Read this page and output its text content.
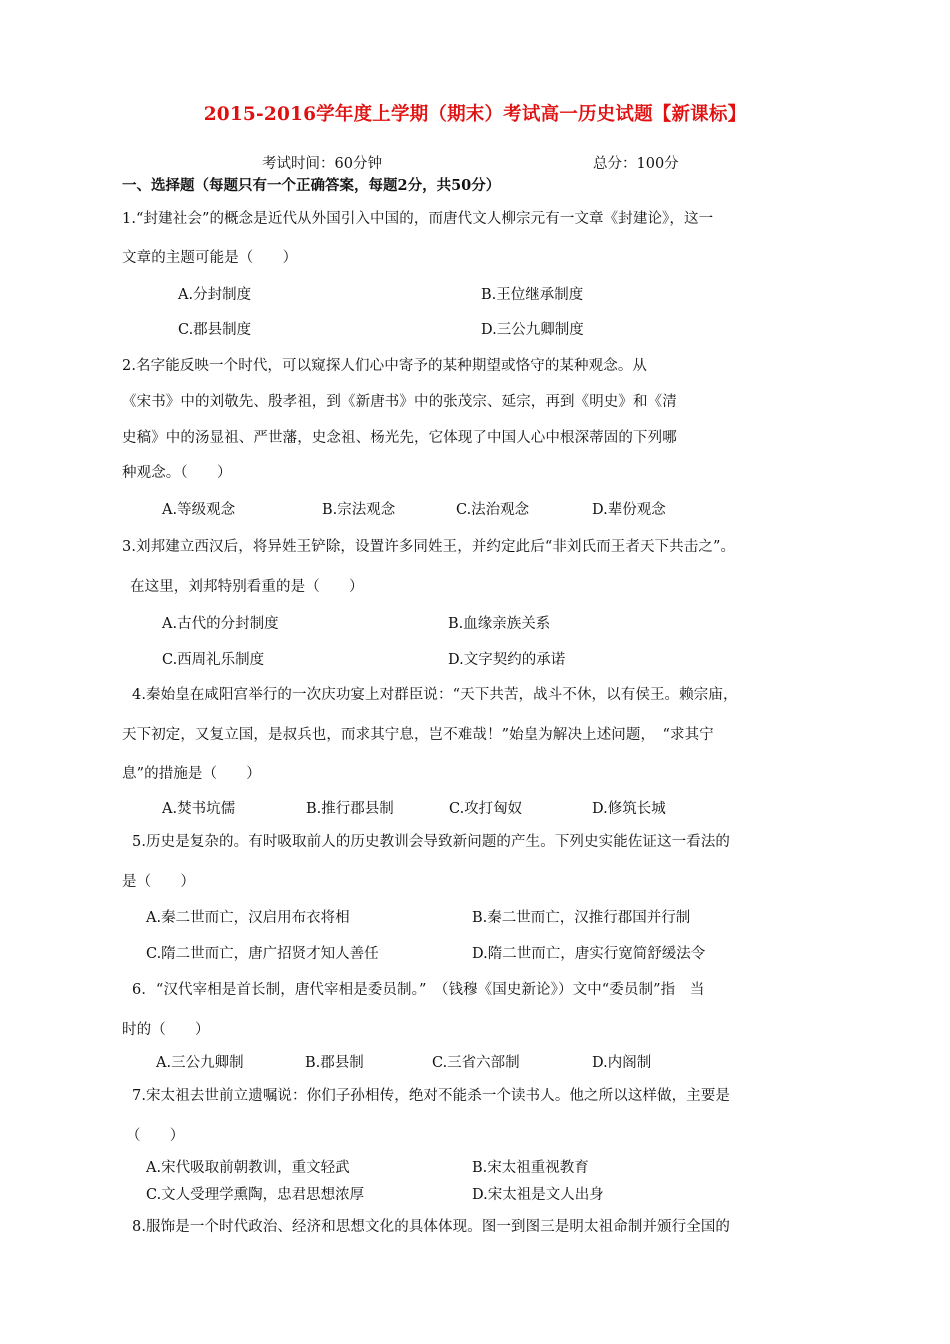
2015-2016学年度上学期（期末）考试高一历史试题【新课标】
考试时间：60分钟	总分：100分
一、选择题（每题只有一个正确答案，每题2分，共50分）
1.“封建社会”的概念是近代从外国引入中国的，而唐代文人柳宗元有一文章《封建论》，这一
文章的主题可能是（　　）
A.分封制度	B.王位继承制度
C.郡县制度	D.三公九卿制度
2.名字能反映一个时代，可以窥探人们心中寄予的某种期望或恪守的某种观念。从
《宋书》中的刘敬先、殷孝祖，到《新唐书》中的张茂宗、延宗，再到《明史》和《清
史稿》中的汤显祖、严世藩，史念祖、杨光先，它体现了中国人心中根深蒂固的下列哪
种观念。（　　）
A.等级观念	B.宗法观念	C.法治观念	D.辈份观念
3.刘邦建立西汉后，将异姓王铲除，设置许多同姓王，并约定此后“非刘氏而王者天下共击之”。
在这里，刘邦特别看重的是（　　）
A.古代的分封制度	B.血缘亲族关系
C.西周礼乐制度	D.文字契约的承诺
4.秦始皇在咸阳宫举行的一次庆功宴上对群臣说：“天下共苦，战斗不休，以有侯王。赖宗庙，
天下初定，又复立国，是叔兵也，而求其宁息，岂不难哉！”始皇为解决上述问题，　“求其宁
息”的措施是（　　）
A.焚书坑儒	B.推行郡县制	C.攻打匈奴	D.修筑长城
5.历史是复杂的。有时吸取前人的历史教训会导致新问题的产生。下列史实能佐证这一看法的
是（　　）
A.秦二世而亡，汉启用布衣将相	B.秦二世而亡，汉推行郡国并行制
C.隋二世而亡，唐广招贤才知人善任	D.隋二世而亡，唐实行宽简舒缓法令
6．“汉代宰相是首长制，唐代宰相是委员制。”　（钱穆《国史新论》）文中“委员制”指　当
时的（　　）
A.三公九卿制	B.郡县制	C.三省六部制	D.内阁制
7.宋太祖去世前立遗嘱说：你们子孙相传，绝对不能杀一个读书人。他之所以这样做，主要是
（　　）
A.宋代吸取前朝教训，重文轻武	B.宋太祖重视教育
C.文人受理学熏陶，忠君思想浓厚	D.宋太祖是文人出身
8.服饰是一个时代政治、经济和思想文化的具体体现。图一到图三是明太祖命制并颁行全国的
